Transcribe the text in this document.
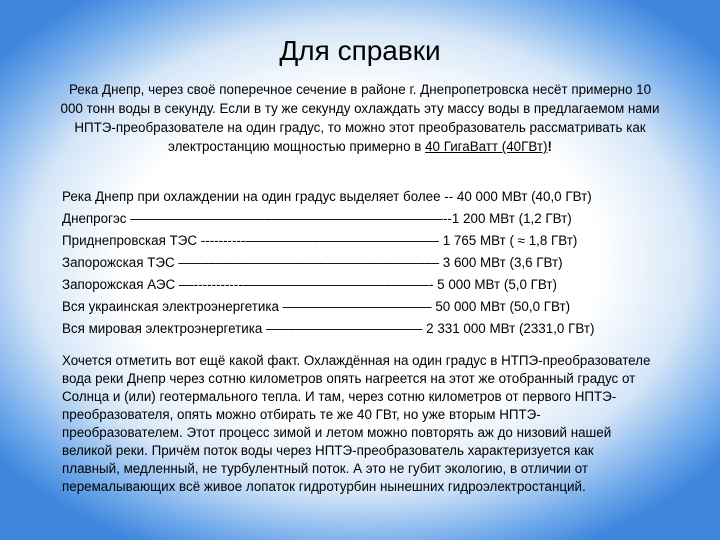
Для справки
Река Днепр, через своё поперечное сечение в районе г. Днепропетровска несёт примерно 10 000 тонн воды в секунду. Если в ту же секунду охлаждать эту массу воды в предлагаемом нами НПТЭ-преобразователе на один градус, то можно этот преобразователь рассматривать как электростанцию мощностью примерно в 40 ГигаВатт (40ГВт)!
Река Днепр при охлаждении на один градус выделяет более -- 40 000 МВт (40,0 ГВт)
Днепрогэс ––––––––––––––––––––––––––––––––––––––––––--1 200 МВт (1,2 ГВт)
Приднепровская ТЭС ----------–––––––––––––––––––––––––– 1 765 МВт ( ≈ 1,8 ГВт)
Запорожская ТЭС ––––––––––––––––––––––––––––––––––– 3 600 МВт (3,6 ГВт)
Запорожская АЭС ––-----------–––––––––––––––––––––––––- 5 000 МВт (5,0 ГВт)
Вся украинская электроэнергетика –––––––––––––––––––– 50 000 МВт (50,0 ГВт)
Вся мировая электроэнергетика ––––––––––––––––––––– 2 331 000 МВт (2331,0 ГВт)
Хочется отметить вот ещё какой факт. Охлаждённая на один градус в НТПЭ-преобразователе вода реки Днепр через сотню километров опять нагреется на этот же отобранный градус от Солнца и (или) геотермального тепла. И там, через сотню километров от первого НПТЭ-преобразователя, опять можно отбирать те же 40 ГВт, но уже вторым НПТЭ-преобразователем. Этот процесс зимой и летом можно повторять аж до низовий нашей великой реки. Причём поток воды через НПТЭ-преобразователь характеризуется как плавный, медленный, не турбулентный поток. А это не губит экологию, в отличии от перемалывающих всё живое лопаток гидротурбин нынешних гидроэлектростанций.
